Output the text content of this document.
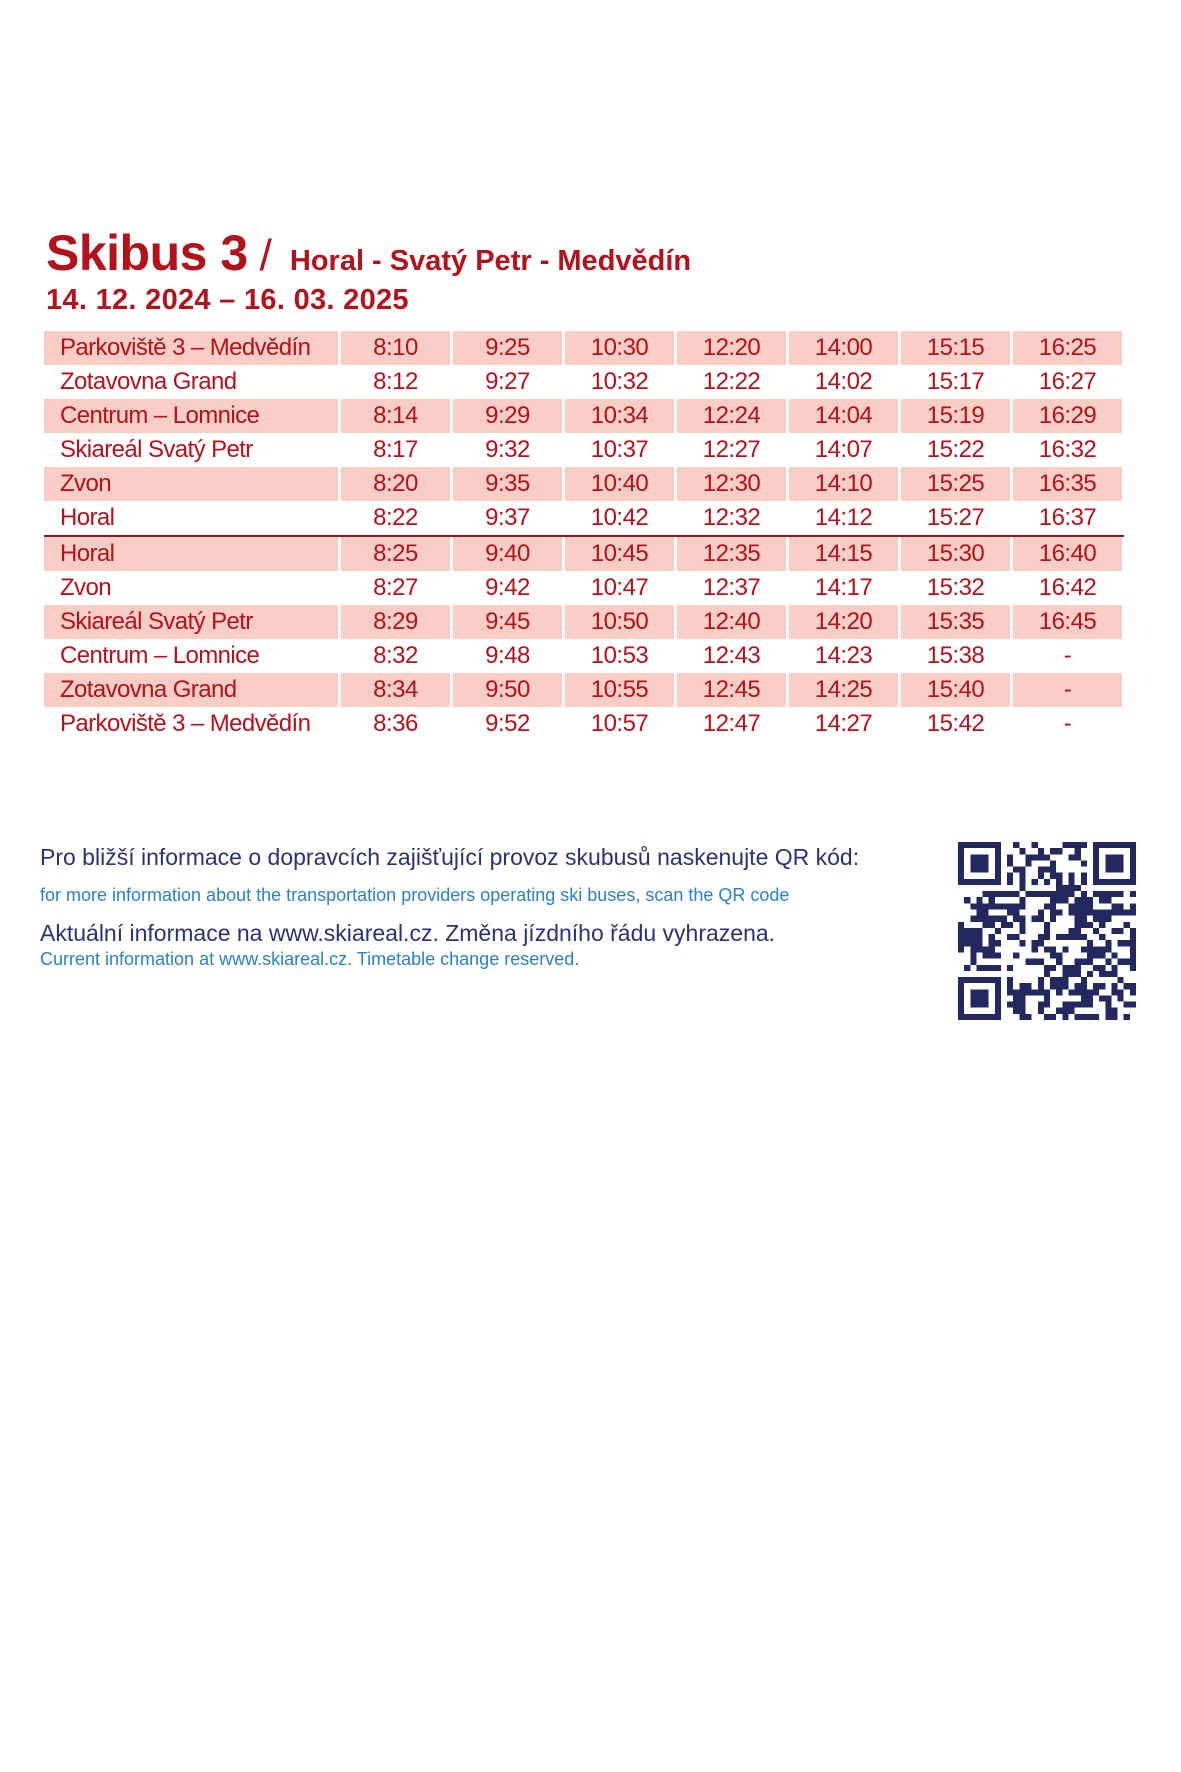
Skibus 3 / Horal - Svatý Petr - Medvědín
14. 12. 2024 – 16. 03. 2025
Parkoviště 3 – Medvědín	8:10	9:25	10:30	12:20	14:00	15:15	16:25
Zotavovna Grand	8:12	9:27	10:32	12:22	14:02	15:17	16:27
Centrum – Lomnice	8:14	9:29	10:34	12:24	14:04	15:19	16:29
Skiareál Svatý Petr	8:17	9:32	10:37	12:27	14:07	15:22	16:32
Zvon	8:20	9:35	10:40	12:30	14:10	15:25	16:35
Horal	8:22	9:37	10:42	12:32	14:12	15:27	16:37
Horal	8:25	9:40	10:45	12:35	14:15	15:30	16:40
Zvon	8:27	9:42	10:47	12:37	14:17	15:32	16:42
Skiareál Svatý Petr	8:29	9:45	10:50	12:40	14:20	15:35	16:45
Centrum – Lomnice	8:32	9:48	10:53	12:43	14:23	15:38	-
Zotavovna Grand	8:34	9:50	10:55	12:45	14:25	15:40	-
Parkoviště 3 – Medvědín	8:36	9:52	10:57	12:47	14:27	15:42	-
Pro bližší informace o dopravcích zajišťující provoz skubusů naskenujte QR kód:
for more information about the transportation providers operating ski buses, scan the QR code
Aktuální informace na www.skiareal.cz. Změna jízdního řádu vyhrazena.
Current information at www.skiareal.cz. Timetable change reserved.
